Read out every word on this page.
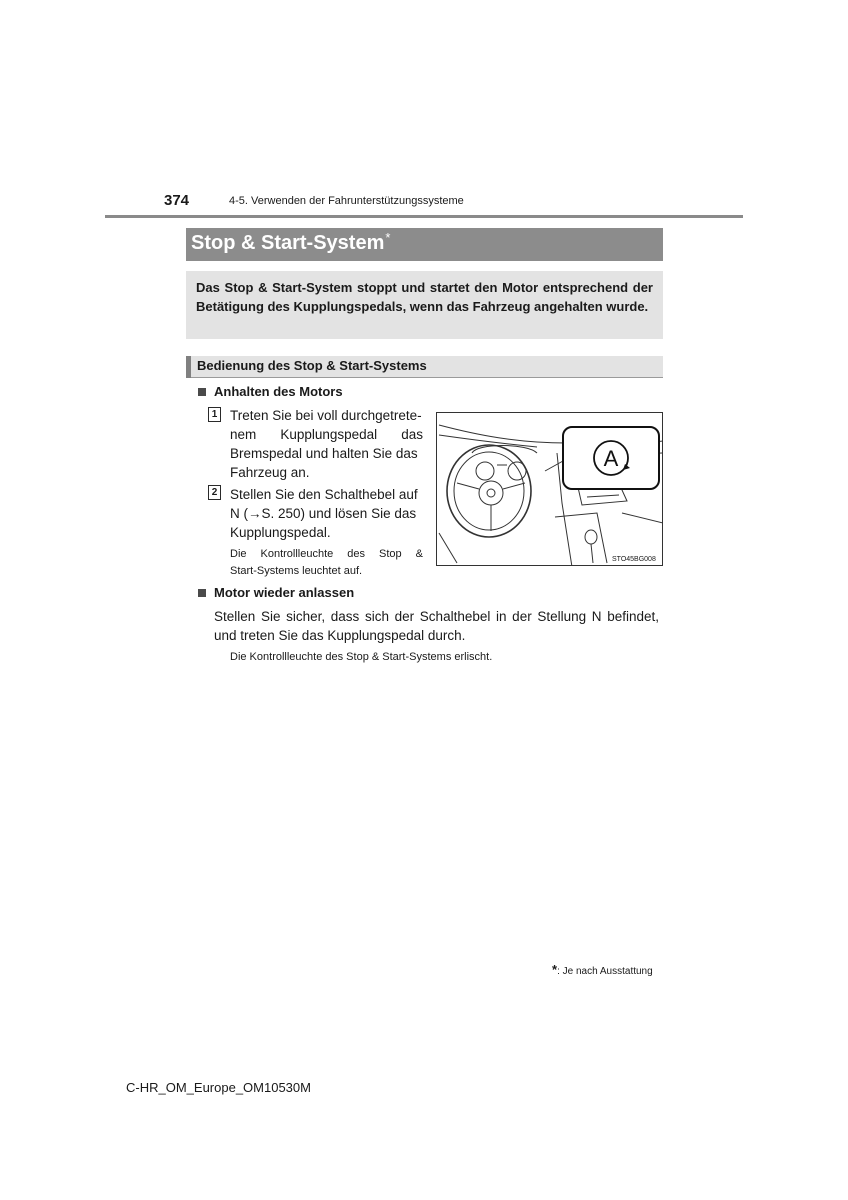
374	4-5. Verwenden der Fahrunterstützungssysteme
Stop & Start-System*
Das Stop & Start-System stoppt und startet den Motor entsprechend der Betätigung des Kupplungspedals, wenn das Fahrzeug angehalten wurde.
Bedienung des Stop & Start-Systems
Anhalten des Motors
1 Treten Sie bei voll durchgetrete-
nem Kupplungspedal das
Bremspedal und halten Sie das
Fahrzeug an.
2 Stellen Sie den Schalthebel auf
N (→S. 250) und lösen Sie das
Kupplungspedal.
Die Kontrollleuchte des Stop &
Start-Systems leuchtet auf.
A
STO45BG008
Motor wieder anlassen
Stellen Sie sicher, dass sich der Schalthebel in der Stellung N befindet,
und treten Sie das Kupplungspedal durch.
Die Kontrollleuchte des Stop & Start-Systems erlischt.
*: Je nach Ausstattung
C-HR_OM_Europe_OM10530M
